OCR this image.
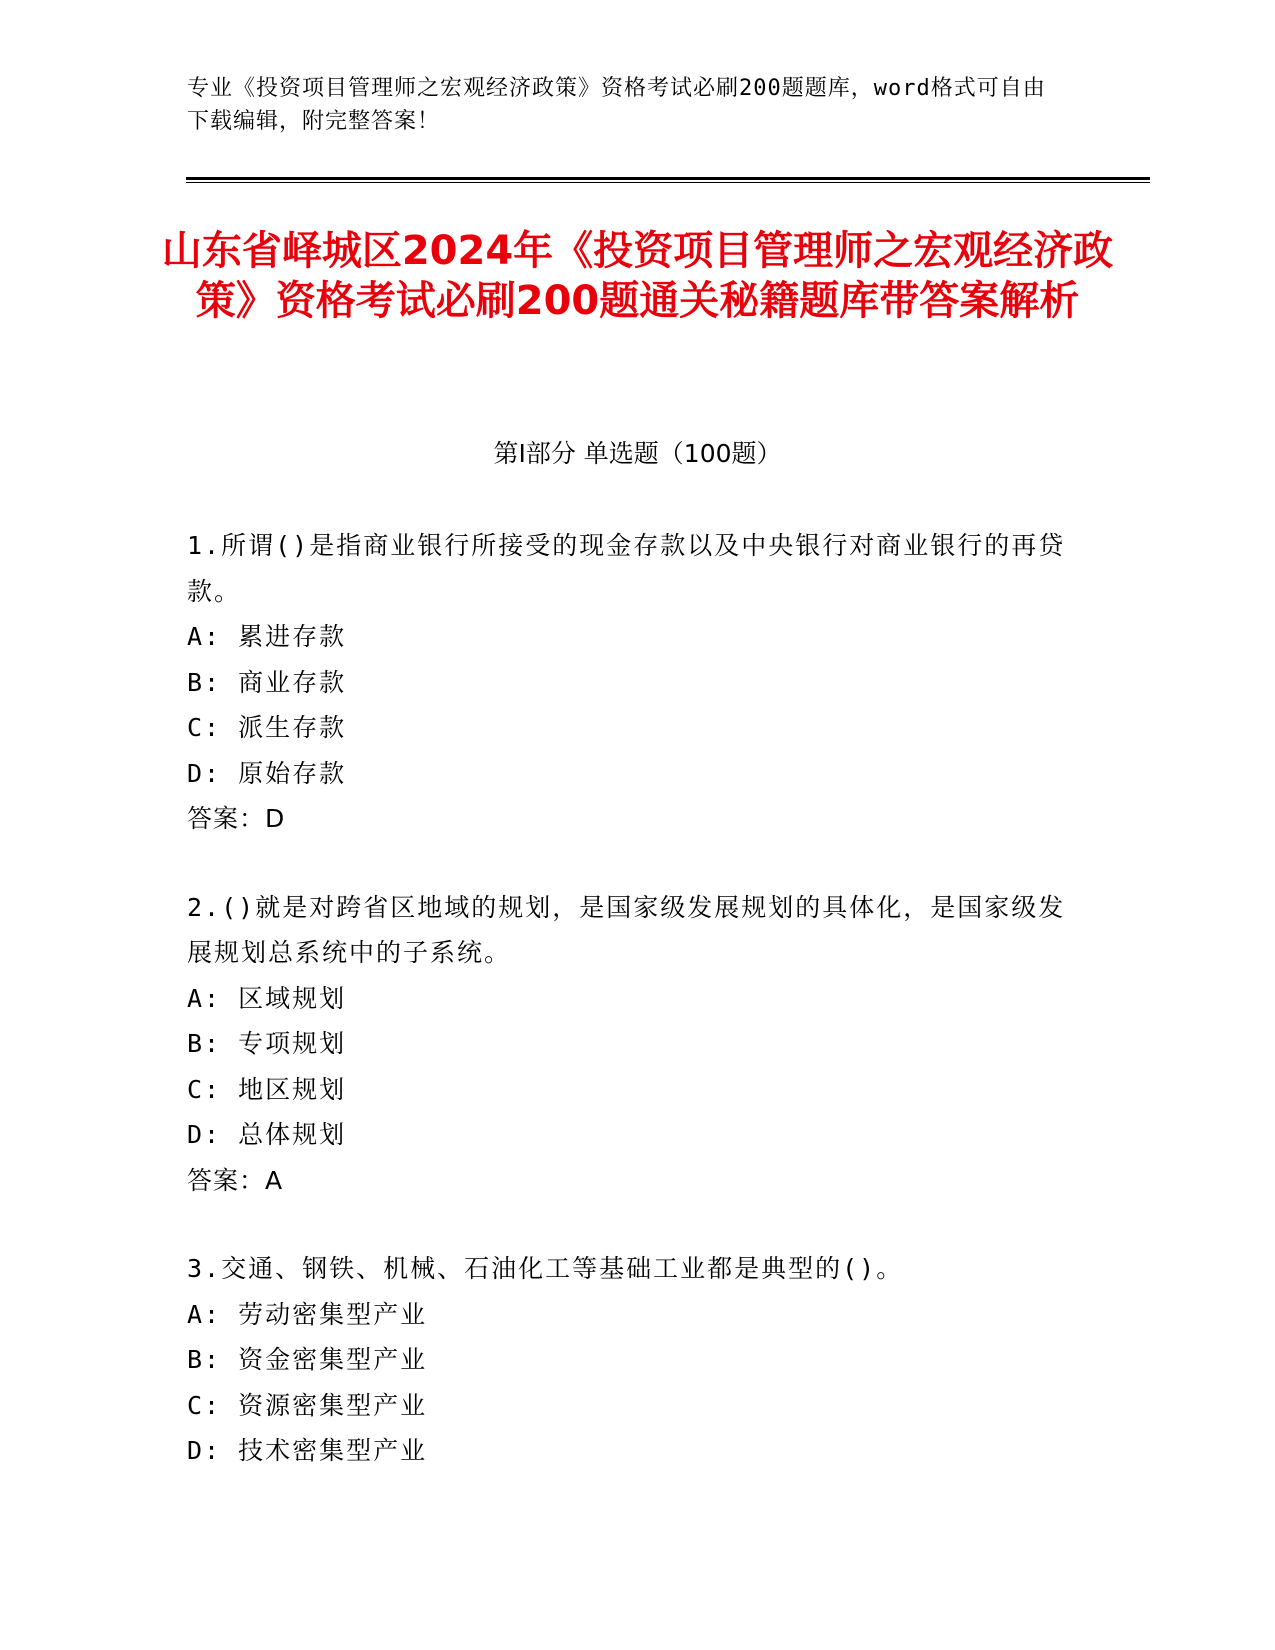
专业《投资项目管理师之宏观经济政策》资格考试必刷200题题库，word格式可自由下载编辑，附完整答案！
山东省峄城区2024年《投资项目管理师之宏观经济政策》资格考试必刷200题通关秘籍题库带答案解析
第Ⅰ部分 单选题（100题）
1.所谓()是指商业银行所接受的现金存款以及中央银行对商业银行的再贷款。
A: 累进存款
B: 商业存款
C: 派生存款
D: 原始存款
答案：D
2.()就是对跨省区地域的规划，是国家级发展规划的具体化，是国家级发展规划总系统中的子系统。
A: 区域规划
B: 专项规划
C: 地区规划
D: 总体规划
答案：A
3.交通、钢铁、机械、石油化工等基础工业都是典型的()。
A: 劳动密集型产业
B: 资金密集型产业
C: 资源密集型产业
D: 技术密集型产业
